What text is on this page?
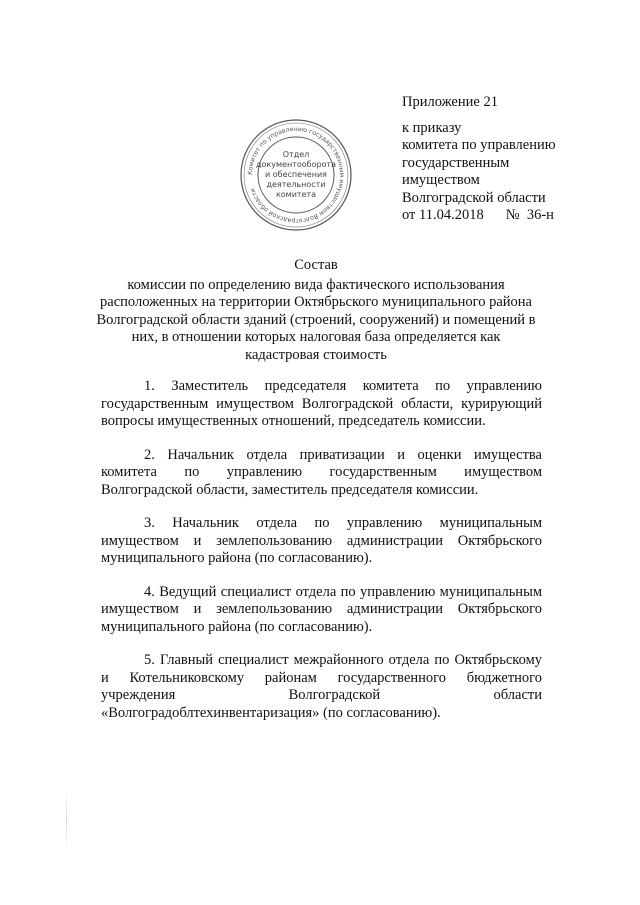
Приложение 21
к приказу
комитета по управлению
государственным
имуществом
Волгоградской области
от 11.04.2018 № 36-н
Комитет по управлению государственным имуществом Волгоградской области
Отдел
документооборота
и обеспечения
деятельности
комитета
Состав
комиссии по определению вида фактического использования расположенных на территории Октябрьского муниципального района Волгоградской области зданий (строений, сооружений) и помещений в них, в отношении которых налоговая база определяется как кадастровая стоимость

1. Заместитель председателя комитета по управлению государственным имуществом Волгоградской области, курирующий вопросы имущественных отношений, председатель комиссии.

2. Начальник отдела приватизации и оценки имущества комитета по управлению государственным имуществом Волгоградской области, заместитель председателя комиссии.

3. Начальник отдела по управлению муниципальным имуществом и землепользованию администрации Октябрьского муниципального района (по согласованию).

4. Ведущий специалист отдела по управлению муниципальным имуществом и землепользованию администрации Октябрьского муниципального района (по согласованию).

5. Главный специалист межрайонного отдела по Октябрьскому и Котельниковскому районам государственного бюджетного учреждения Волгоградской области «Волгоградоблтехинвентаризация» (по согласованию).
